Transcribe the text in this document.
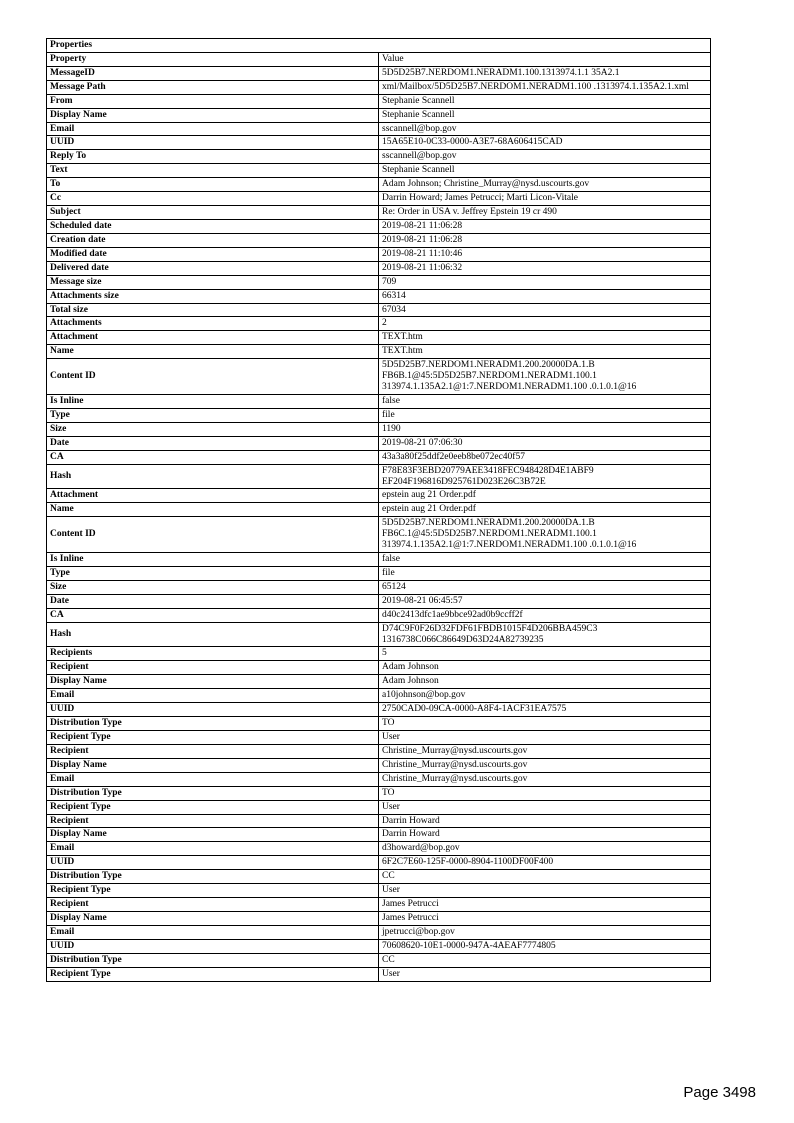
Properties	
Property	Value
MessageID	5D5D25B7.NERDOM1.NERADM1.100.1313974.1.1 35A2.1
Message Path	xml/Mailbox/5D5D25B7.NERDOM1.NERADM1.100 .1313974.1.135A2.1.xml
From	Stephanie Scannell
Display Name	Stephanie Scannell
Email	sscannell@bop.gov
UUID	15A65E10-0C33-0000-A3E7-68A606415CAD
Reply To	sscannell@bop.gov
Text	Stephanie Scannell
To	Adam Johnson; Christine_Murray@nysd.uscourts.gov
Cc	Darrin Howard; James Petrucci; Marti Licon-Vitale
Subject	Re: Order in USA v. Jeffrey Epstein 19 cr 490
Scheduled date	2019-08-21 11:06:28
Creation date	2019-08-21 11:06:28
Modified date	2019-08-21 11:10:46
Delivered date	2019-08-21 11:06:32
Message size	709
Attachments size	66314
Total size	67034
Attachments	2
Attachment	TEXT.htm
Name	TEXT.htm
Content ID	5D5D25B7.NERDOM1.NERADM1.200.20000DA.1.B
FB6B.1@45:5D5D25B7.NERDOM1.NERADM1.100.1
313974.1.135A2.1@1:7.NERDOM1.NERADM1.100 .0.1.0.1@16
Is Inline	false
Type	file
Size	1190
Date	2019-08-21 07:06:30
CA	43a3a80f25ddf2e0eeb8be072ec40f57
Hash	F78E83F3EBD20779AEE3418FEC948428D4E1ABF9 EF204F196816D925761D023E26C3B72E
Attachment	epstein aug 21 Order.pdf
Name	epstein aug 21 Order.pdf
Content ID	5D5D25B7.NERDOM1.NERADM1.200.20000DA.1.B
FB6C.1@45:5D5D25B7.NERDOM1.NERADM1.100.1
313974.1.135A2.1@1:7.NERDOM1.NERADM1.100 .0.1.0.1@16
Is Inline	false
Type	file
Size	65124
Date	2019-08-21 06:45:57
CA	d40c2413dfc1ae9bbce92ad0b9ccff2f
Hash	D74C9F0F26D32FDF61FBDB1015F4D206BBA459C3 1316738C066C86649D63D24A82739235
Recipients	5
Recipient	Adam Johnson
Display Name	Adam Johnson
Email	a10johnson@bop.gov
UUID	2750CAD0-09CA-0000-A8F4-1ACF31EA7575
Distribution Type	TO
Recipient Type	User
Recipient	Christine_Murray@nysd.uscourts.gov
Display Name	Christine_Murray@nysd.uscourts.gov
Email	Christine_Murray@nysd.uscourts.gov
Distribution Type	TO
Recipient Type	User
Recipient	Darrin Howard
Display Name	Darrin Howard
Email	d3howard@bop.gov
UUID	6F2C7E60-125F-0000-8904-1100DF00F400
Distribution Type	CC
Recipient Type	User
Recipient	James Petrucci
Display Name	James Petrucci
Email	jpetrucci@bop.gov
UUID	70608620-10E1-0000-947A-4AEAF7774805
Distribution Type	CC
Recipient Type	User
Page 3498
